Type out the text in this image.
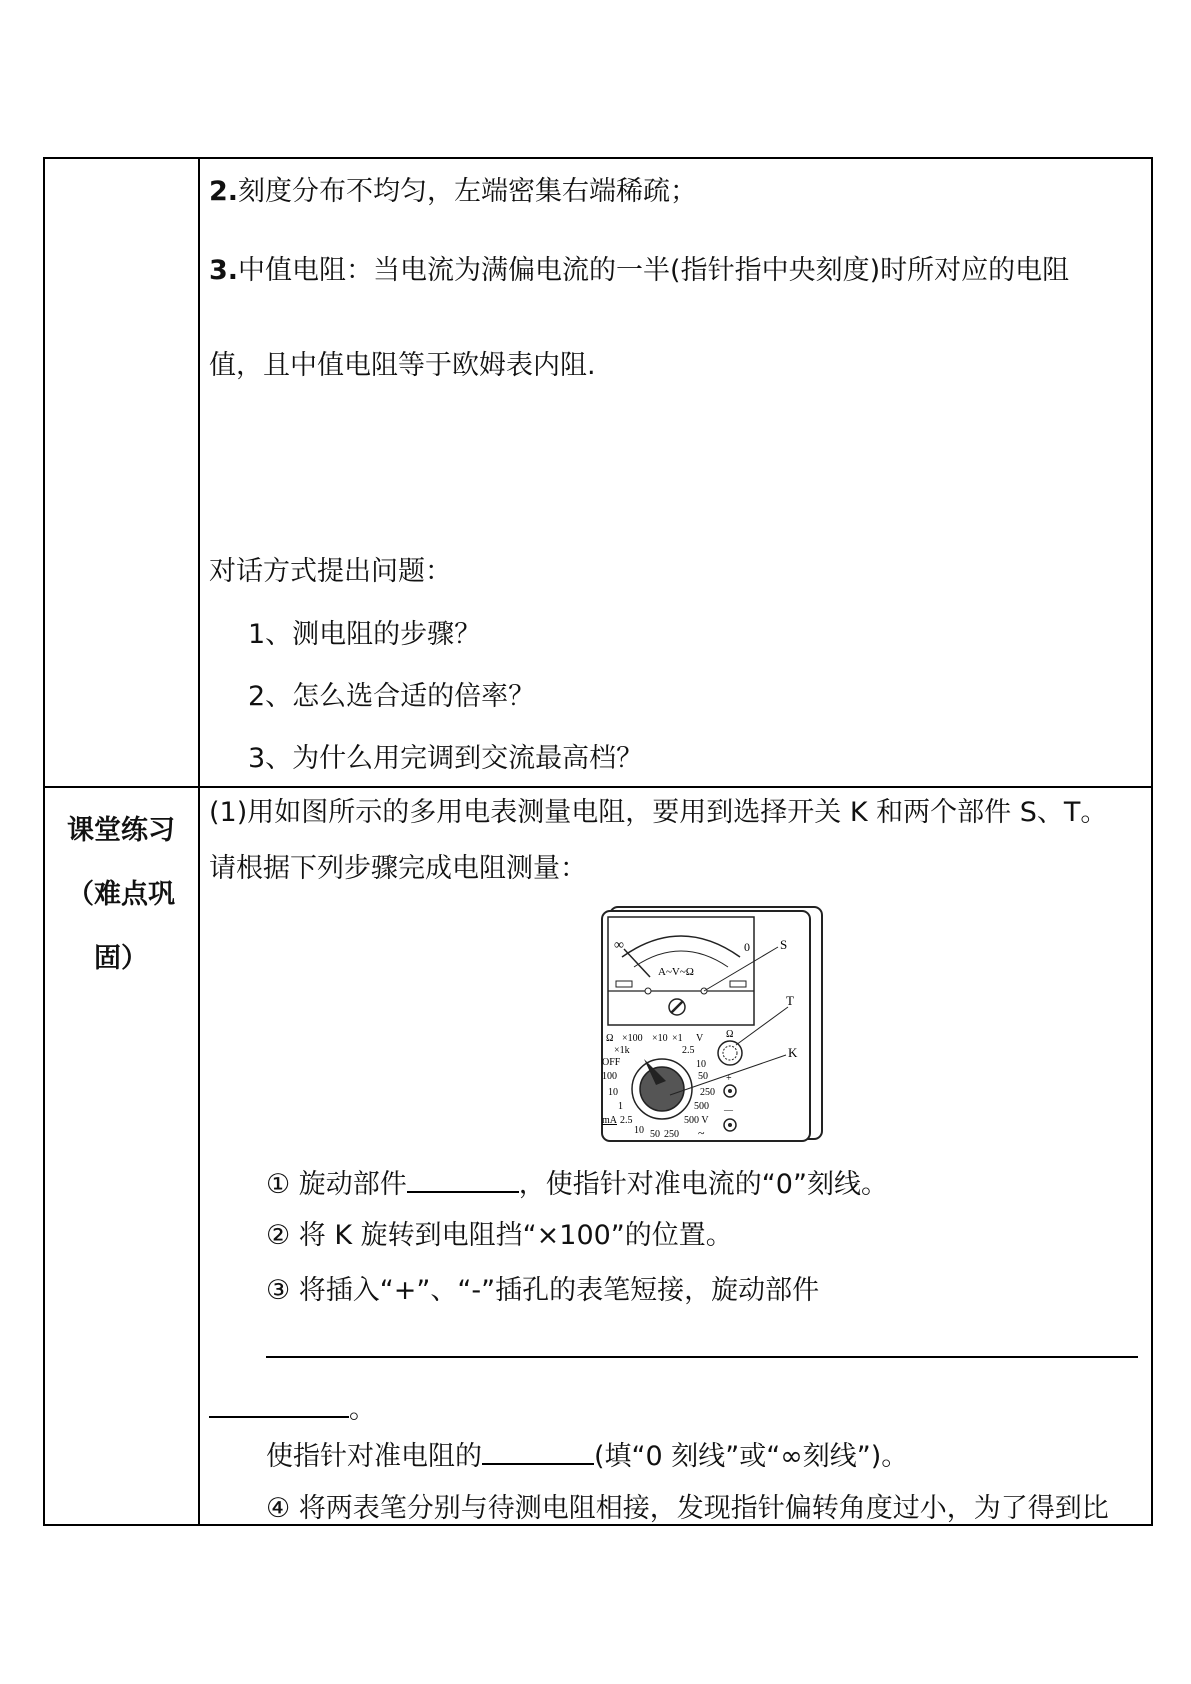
2.刻度分布不均匀，左端密集右端稀疏；
3.中值电阻：当电流为满偏电流的一半(指针指中央刻度)时所对应的电阻
值，且中值电阻等于欧姆表内阻.
对话方式提出问题：
1、测电阻的步骤？
2、怎么选合适的倍率？
3、为什么用完调到交流最高档？
课堂练习
（难点巩
固）
(1)用如图所示的多用电表测量电阻，要用到选择开关 K 和两个部件 S、T。
请根据下列步骤完成电阻测量：
∞	0
A~V~Ω
S
Ω ×100 ×10 ×1 V
×1k	2.5
OFF	10
100	50
10	250
1	500
mA 2.5	500 V
10 50 250 ~
K
Ω
T
+
—
① 旋动部件	，使指针对准电流的“0”刻线。
② 将 K 旋转到电阻挡“×100”的位置。
③ 将插入“+”、“-”插孔的表笔短接，旋动部件
。
使指针对准电阻的	(填“0 刻线”或“∞刻线”)。
④ 将两表笔分别与待测电阻相接，发现指针偏转角度过小，为了得到比
